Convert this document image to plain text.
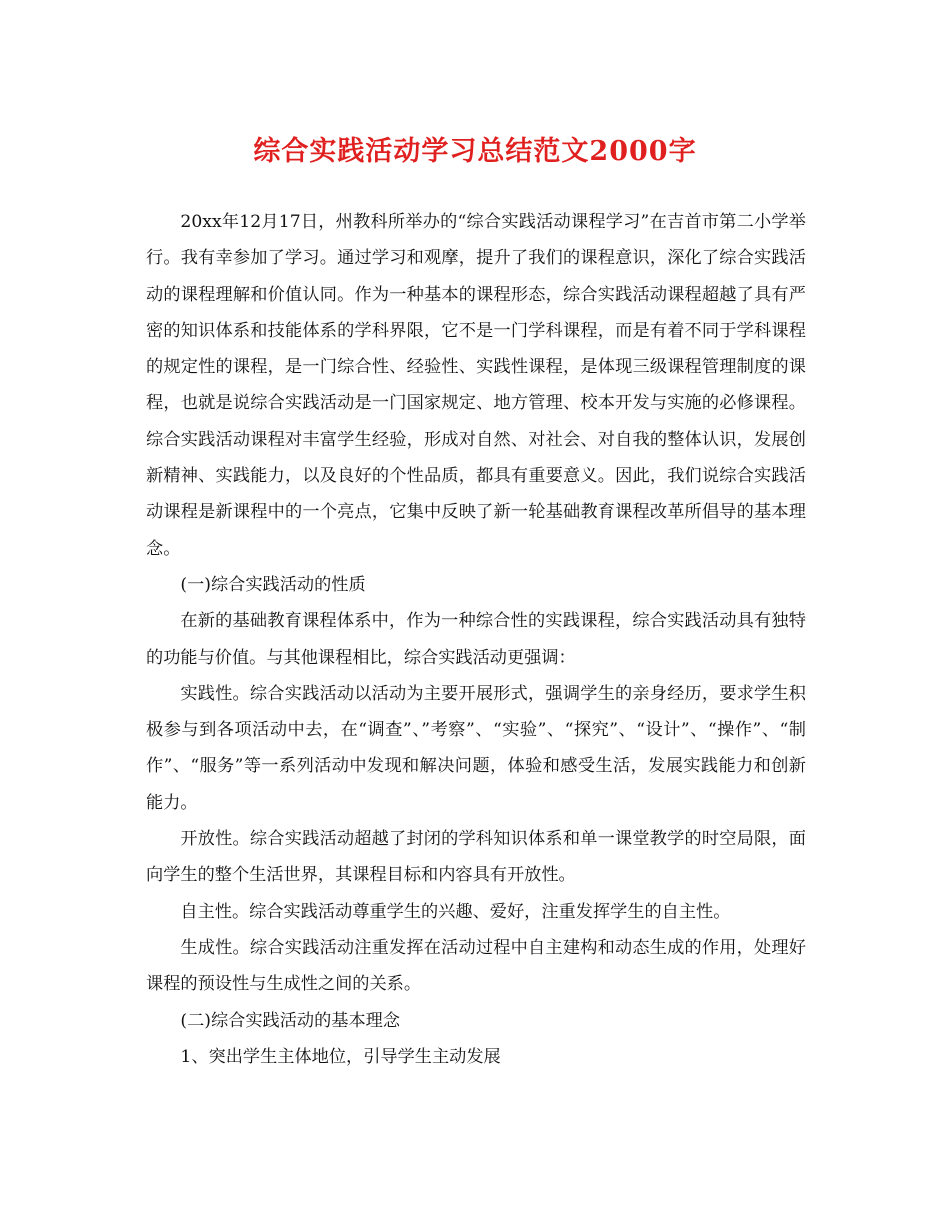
综合实践活动学习总结范文2000字

20xx年12月17日，州教科所举办的“综合实践活动课程学习”在吉首市第二小学举行。我有幸参加了学习。通过学习和观摩，提升了我们的课程意识，深化了综合实践活动的课程理解和价值认同。作为一种基本的课程形态，综合实践活动课程超越了具有严密的知识体系和技能体系的学科界限，它不是一门学科课程，而是有着不同于学科课程的规定性的课程，是一门综合性、经验性、实践性课程，是体现三级课程管理制度的课程，也就是说综合实践活动是一门国家规定、地方管理、校本开发与实施的必修课程。综合实践活动课程对丰富学生经验，形成对自然、对社会、对自我的整体认识，发展创新精神、实践能力，以及良好的个性品质，都具有重要意义。因此，我们说综合实践活动课程是新课程中的一个亮点，它集中反映了新一轮基础教育课程改革所倡导的基本理念。

(一)综合实践活动的性质

在新的基础教育课程体系中，作为一种综合性的实践课程，综合实践活动具有独特的功能与价值。与其他课程相比，综合实践活动更强调：

实践性。综合实践活动以活动为主要开展形式，强调学生的亲身经历，要求学生积极参与到各项活动中去，在“调查”、”考察”、“实验”、“探究”、“设计”、“操作”、“制作”、“服务”等一系列活动中发现和解决问题，体验和感受生活，发展实践能力和创新能力。

开放性。综合实践活动超越了封闭的学科知识体系和单一课堂教学的时空局限，面向学生的整个生活世界，其课程目标和内容具有开放性。

自主性。综合实践活动尊重学生的兴趣、爱好，注重发挥学生的自主性。

生成性。综合实践活动注重发挥在活动过程中自主建构和动态生成的作用，处理好课程的预设性与生成性之间的关系。

(二)综合实践活动的基本理念

1、突出学生主体地位，引导学生主动发展
